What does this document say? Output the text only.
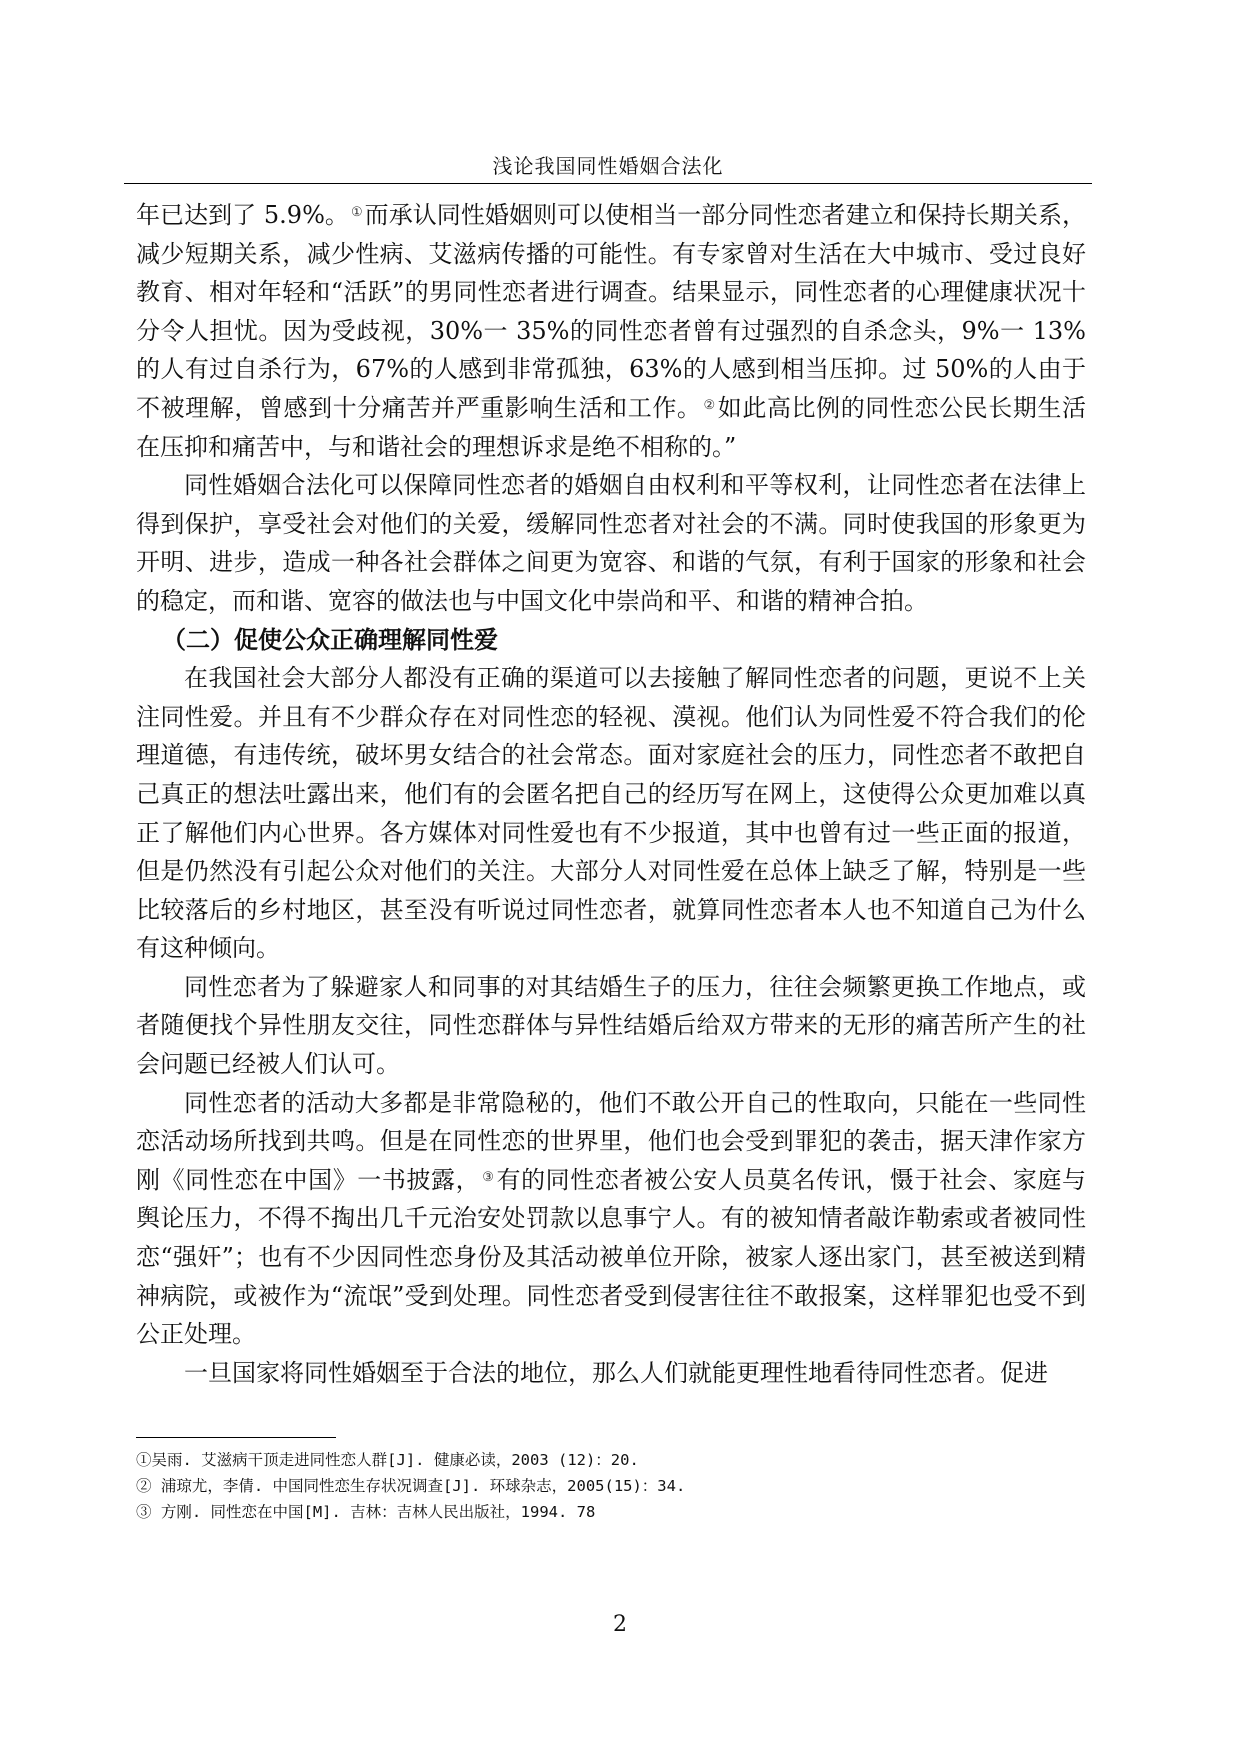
浅论我国同性婚姻合法化

年已达到了 5.9%。 ①而承认同性婚姻则可以使相当一部分同性恋者建立和保持长期关系，减少短期关系，减少性病、艾滋病传播的可能性。有专家曾对生活在大中城市、受过良好教育、相对年轻和“活跃”的男同性恋者进行调查。结果显示，同性恋者的心理健康状况十分令人担忧。因为受歧视，30%一 35%的同性恋者曾有过强烈的自杀念头，9%一 13%的人有过自杀行为，67%的人感到非常孤独，63%的人感到相当压抑。过 50%的人由于不被理解，曾感到十分痛苦并严重影响生活和工作。 ②如此高比例的同性恋公民长期生活在压抑和痛苦中，与和谐社会的理想诉求是绝不相称的。”

同性婚姻合法化可以保障同性恋者的婚姻自由权利和平等权利，让同性恋者在法律上得到保护，享受社会对他们的关爱，缓解同性恋者对社会的不满。同时使我国的形象更为开明、进步，造成一种各社会群体之间更为宽容、和谐的气氛，有利于国家的形象和社会的稳定，而和谐、宽容的做法也与中国文化中崇尚和平、和谐的精神合拍。

（二）促使公众正确理解同性爱

在我国社会大部分人都没有正确的渠道可以去接触了解同性恋者的问题，更说不上关注同性爱。并且有不少群众存在对同性恋的轻视、漠视。他们认为同性爱不符合我们的伦理道德，有违传统，破坏男女结合的社会常态。面对家庭社会的压力，同性恋者不敢把自己真正的想法吐露出来，他们有的会匿名把自己的经历写在网上，这使得公众更加难以真正了解他们内心世界。各方媒体对同性爱也有不少报道，其中也曾有过一些正面的报道，但是仍然没有引起公众对他们的关注。大部分人对同性爱在总体上缺乏了解，特别是一些比较落后的乡村地区，甚至没有听说过同性恋者，就算同性恋者本人也不知道自己为什么有这种倾向。

同性恋者为了躲避家人和同事的对其结婚生子的压力，往往会频繁更换工作地点，或者随便找个异性朋友交往，同性恋群体与异性结婚后给双方带来的无形的痛苦所产生的社会问题已经被人们认可。

同性恋者的活动大多都是非常隐秘的，他们不敢公开自己的性取向，只能在一些同性恋活动场所找到共鸣。但是在同性恋的世界里，他们也会受到罪犯的袭击，据天津作家方刚《同性恋在中国》一书披露， ③有的同性恋者被公安人员莫名传讯，慑于社会、家庭与舆论压力，不得不掏出几千元治安处罚款以息事宁人。有的被知情者敲诈勒索或者被同性恋“强奸”；也有不少因同性恋身份及其活动被单位开除，被家人逐出家门，甚至被送到精神病院，或被作为“流氓”受到处理。同性恋者受到侵害往往不敢报案，这样罪犯也受不到公正处理。

一旦国家将同性婚姻至于合法的地位，那么人们就能更理性地看待同性恋者。促进

①吴雨. 艾滋病干顶走进同性恋人群[J]. 健康必读，2003 (12)：20.
② 浦琼尤，李倩. 中国同性恋生存状况调查[J]. 环球杂志，2005(15)：34.
③ 方刚. 同性恋在中国[M]. 吉林：吉林人民出版社，1994. 78
2
